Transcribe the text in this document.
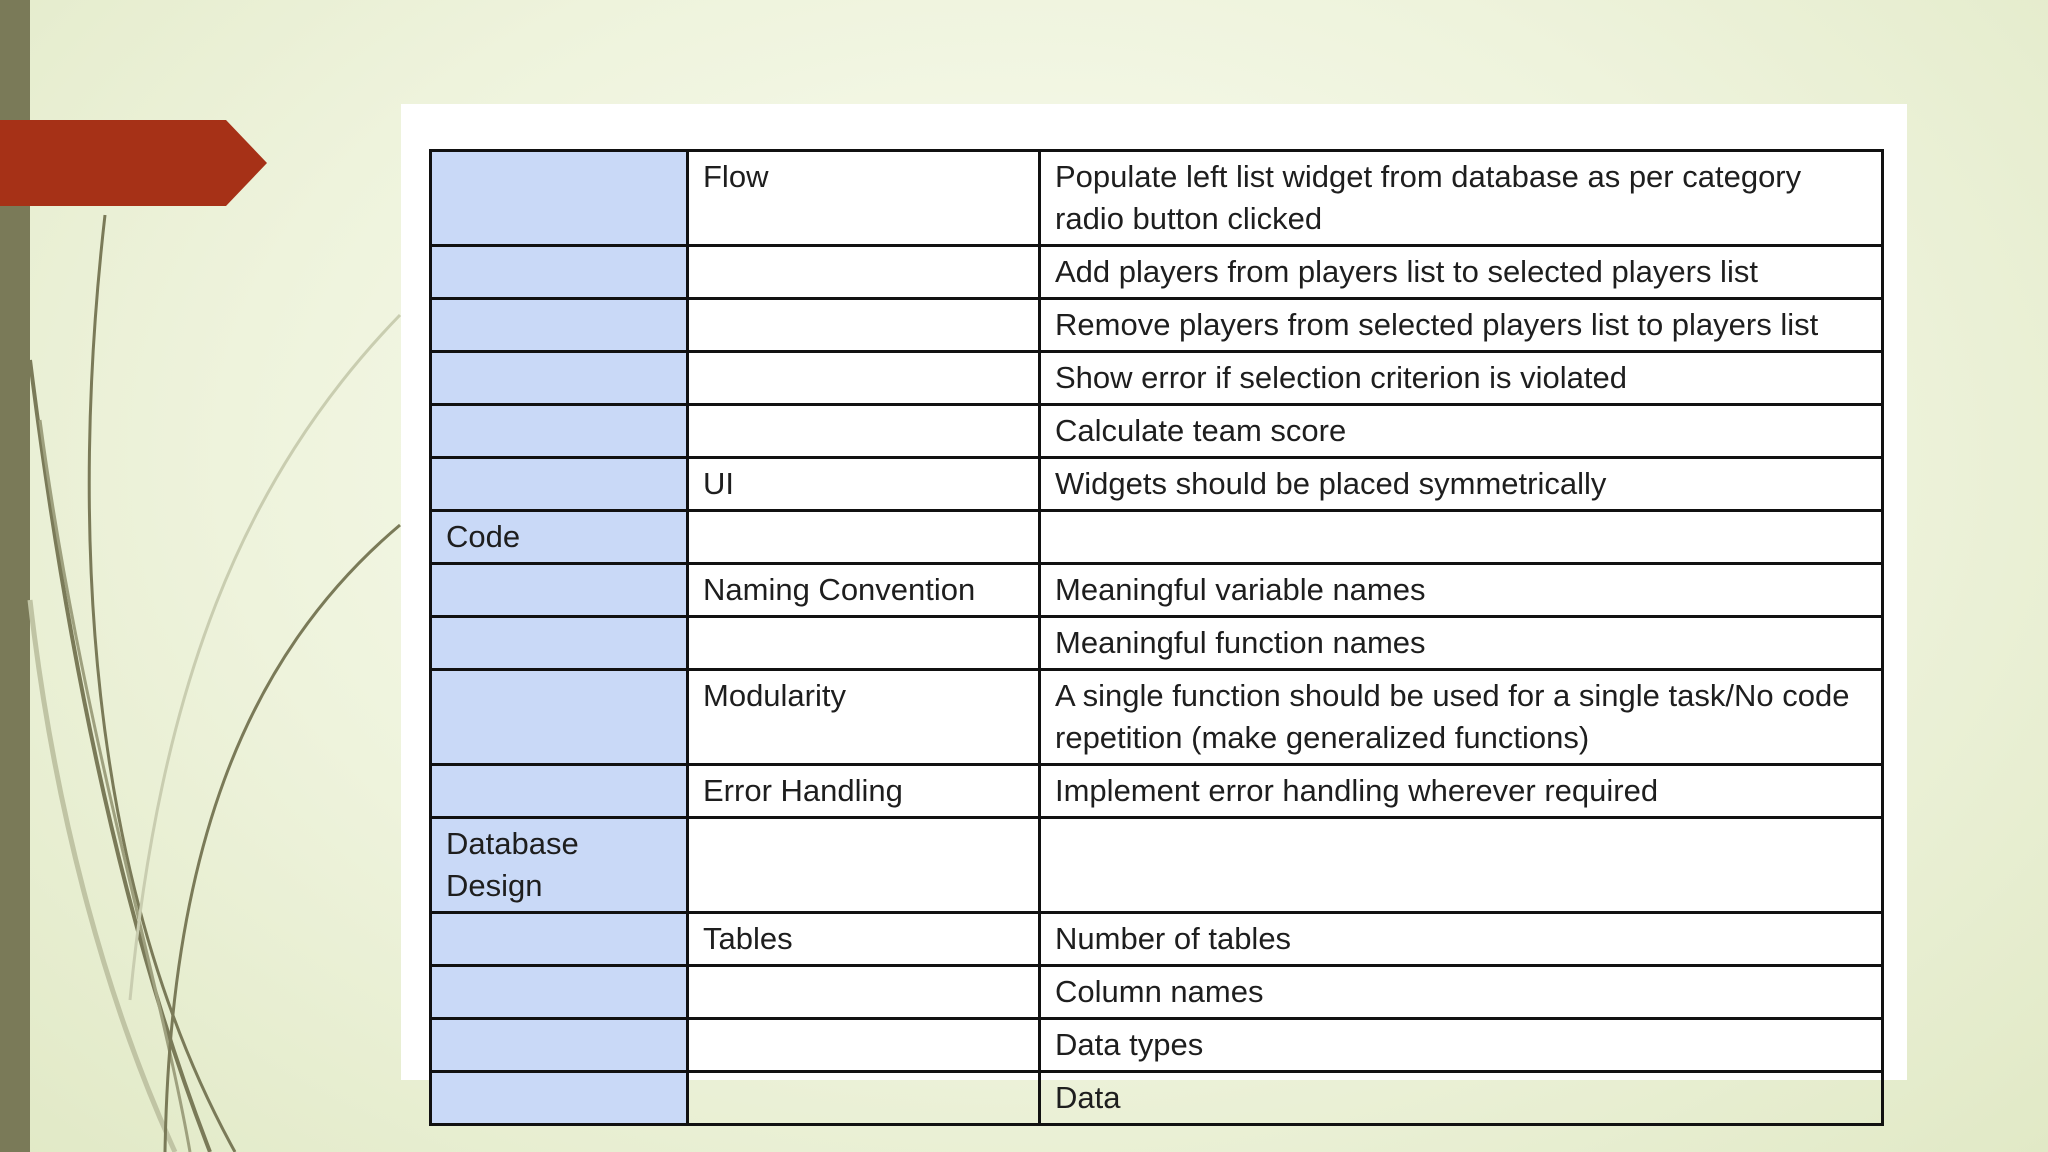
	Flow	Populate left list widget from database as per category radio button clicked
		Add players from players list to selected players list
		Remove players from selected players list to players list
		Show error if selection criterion is violated
		Calculate team score
	UI	Widgets should be placed symmetrically
Code		
	Naming Convention	Meaningful variable names
		Meaningful function names
	Modularity	A single function should be used for a single task/No code repetition (make generalized functions)
	Error Handling	Implement error handling wherever required
Database Design		
	Tables	Number of tables
		Column names
		Data types
		Data
